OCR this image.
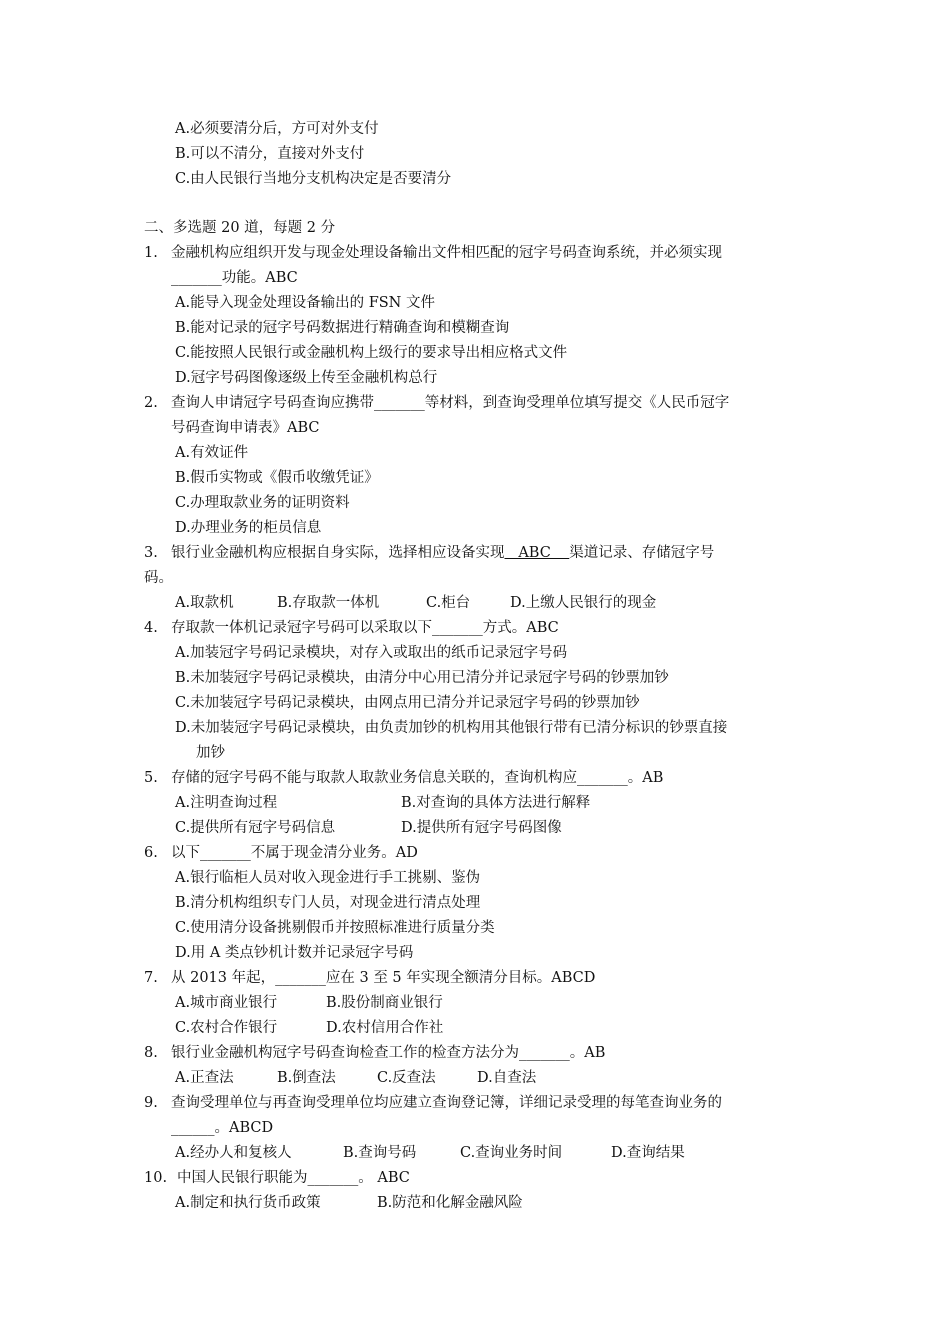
A.必须要清分后，方可对外支付
B.可以不清分，直接对外支付
C.由人民银行当地分支机构决定是否要清分
二、多选题 20 道，每题 2 分
1. 金融机构应组织开发与现金处理设备输出文件相匹配的冠字号码查询系统，并必须实现
_______功能。ABC
A.能导入现金处理设备输出的 FSN 文件
B.能对记录的冠字号码数据进行精确查询和模糊查询
C.能按照人民银行或金融机构上级行的要求导出相应格式文件
D.冠字号码图像逐级上传至金融机构总行
2. 查询人申请冠字号码查询应携带_______等材料，到查询受理单位填写提交《人民币冠字
号码查询申请表》ABC
A.有效证件
B.假币实物或《假币收缴凭证》
C.办理取款业务的证明资料
D.办理业务的柜员信息
3. 银行业金融机构应根据自身实际，选择相应设备实现   ABC    渠道记录、存储冠字号
码。
A.取款机	B.存取款一体机	C.柜台	D.上缴人民银行的现金
4. 存取款一体机记录冠字号码可以采取以下_______方式。ABC
A.加装冠字号码记录模块，对存入或取出的纸币记录冠字号码
B.未加装冠字号码记录模块，由清分中心用已清分并记录冠字号码的钞票加钞
C.未加装冠字号码记录模块，由网点用已清分并记录冠字号码的钞票加钞
D.未加装冠字号码记录模块，由负责加钞的机构用其他银行带有已清分标识的钞票直接
加钞
5. 存储的冠字号码不能与取款人取款业务信息关联的，查询机构应_______。AB
A.注明查询过程	B.对查询的具体方法进行解释
C.提供所有冠字号码信息	D.提供所有冠字号码图像
6. 以下_______不属于现金清分业务。AD
A.银行临柜人员对收入现金进行手工挑剔、鉴伪
B.清分机构组织专门人员，对现金进行清点处理
C.使用清分设备挑剔假币并按照标准进行质量分类
D.用 A 类点钞机计数并记录冠字号码
7. 从 2013 年起，_______应在 3 至 5 年实现全额清分目标。ABCD
A.城市商业银行	B.股份制商业银行
C.农村合作银行	D.农村信用合作社
8. 银行业金融机构冠字号码查询检查工作的检查方法分为_______。AB
A.正查法	B.倒查法	C.反查法	D.自查法
9. 查询受理单位与再查询受理单位均应建立查询登记簿，详细记录受理的每笔查询业务的
______。ABCD
A.经办人和复核人	B.查询号码	C.查询业务时间	D.查询结果
10. 中国人民银行职能为_______。 ABC
A.制定和执行货币政策	B.防范和化解金融风险
